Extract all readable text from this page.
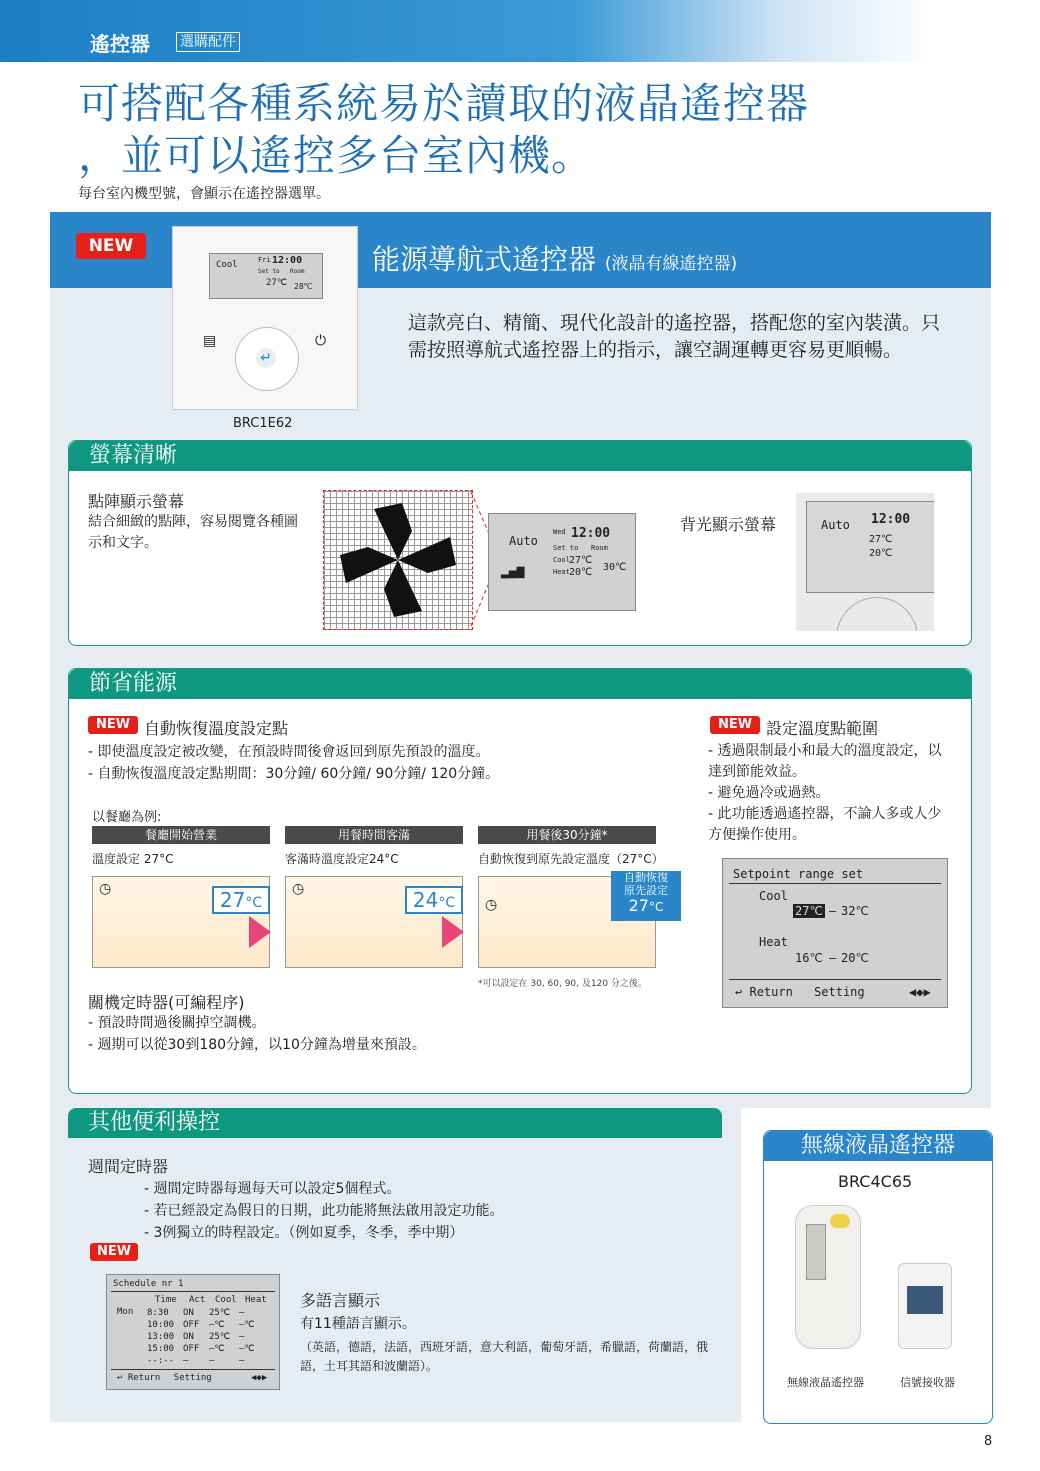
遙控器 選購配件
可搭配各種系統易於讀取的液晶遙控器
，並可以遙控多台室內機。
每台室內機型號，會顯示在遙控器選單。
NEW
Cool	Fri 12:00
Set to Room
27℃ 28℃
↵
▤	⏻
BRC1E62
能源導航式遙控器 (液晶有線遙控器)
這款亮白、精簡、現代化設計的遙控器，搭配您的室內裝潢。只需按照導航式遙控器上的指示，讓空調運轉更容易更順暢。
螢幕清晰
點陣顯示螢幕
結合細緻的點陣，容易閱覽各種圖示和文字。	Auto
Wed 12:00
Set to Room
Cool 27℃
Heat 20℃ 30℃
▂▄▆
背光顯示螢幕	Auto 12:00
27℃
20℃
節省能源
NEW 自動恢復溫度設定點
- 即使溫度設定被改變，在預設時間後會返回到原先預設的溫度。
- 自動恢復溫度設定點期間：30分鐘/ 60分鐘/ 90分鐘/ 120分鐘。
以餐廳為例:
餐廳開始營業	用餐時間客滿	用餐後30分鐘*
溫度設定 27°C	客滿時溫度設定24°C	自動恢復到原先設定溫度（27°C）
◷	27°C
◷	24°C	◷
自動恢復
原先設定
27°C
*可以設定在 30, 60, 90, 及120 分之後。
關機定時器(可編程序)
- 預設時間過後關掉空調機。
- 週期可以從30到180分鐘，以10分鐘為增量來預設。
NEW 設定溫度點範圍
- 透過限制最小和最大的溫度設定，以達到節能效益。
- 避免過冷或過熱。
- 此功能透過遙控器，不論人多或人少方便操作使用。
Setpoint range set
Cool
27℃ – 32℃
Heat
16℃ – 20℃
↩ Return Setting	◀◆▶
其他便利操控
週間定時器
- 週間定時器每週每天可以設定5個程式。
- 若已經設定為假日的日期，此功能將無法啟用設定功能。
- 3例獨立的時程設定。（例如夏季，冬季，季中期）
NEW
Schedule nr 1
Time Act Cool Heat
Mon 8:30 ON 25℃ —
10:00 OFF —℃ —℃
13:00 ON 25℃ —
15:00 OFF —℃ —℃
--:-- — —	—
↩ Return Setting	◀◆▶
多語言顯示
有11種語言顯示。
（英語，德語，法語，西班牙語，意大利語，葡萄牙語，希臘語，荷蘭語，俄語，土耳其語和波蘭語）。
無線液晶遙控器
BRC4C65
無線液晶遙控器	信號接收器
8
